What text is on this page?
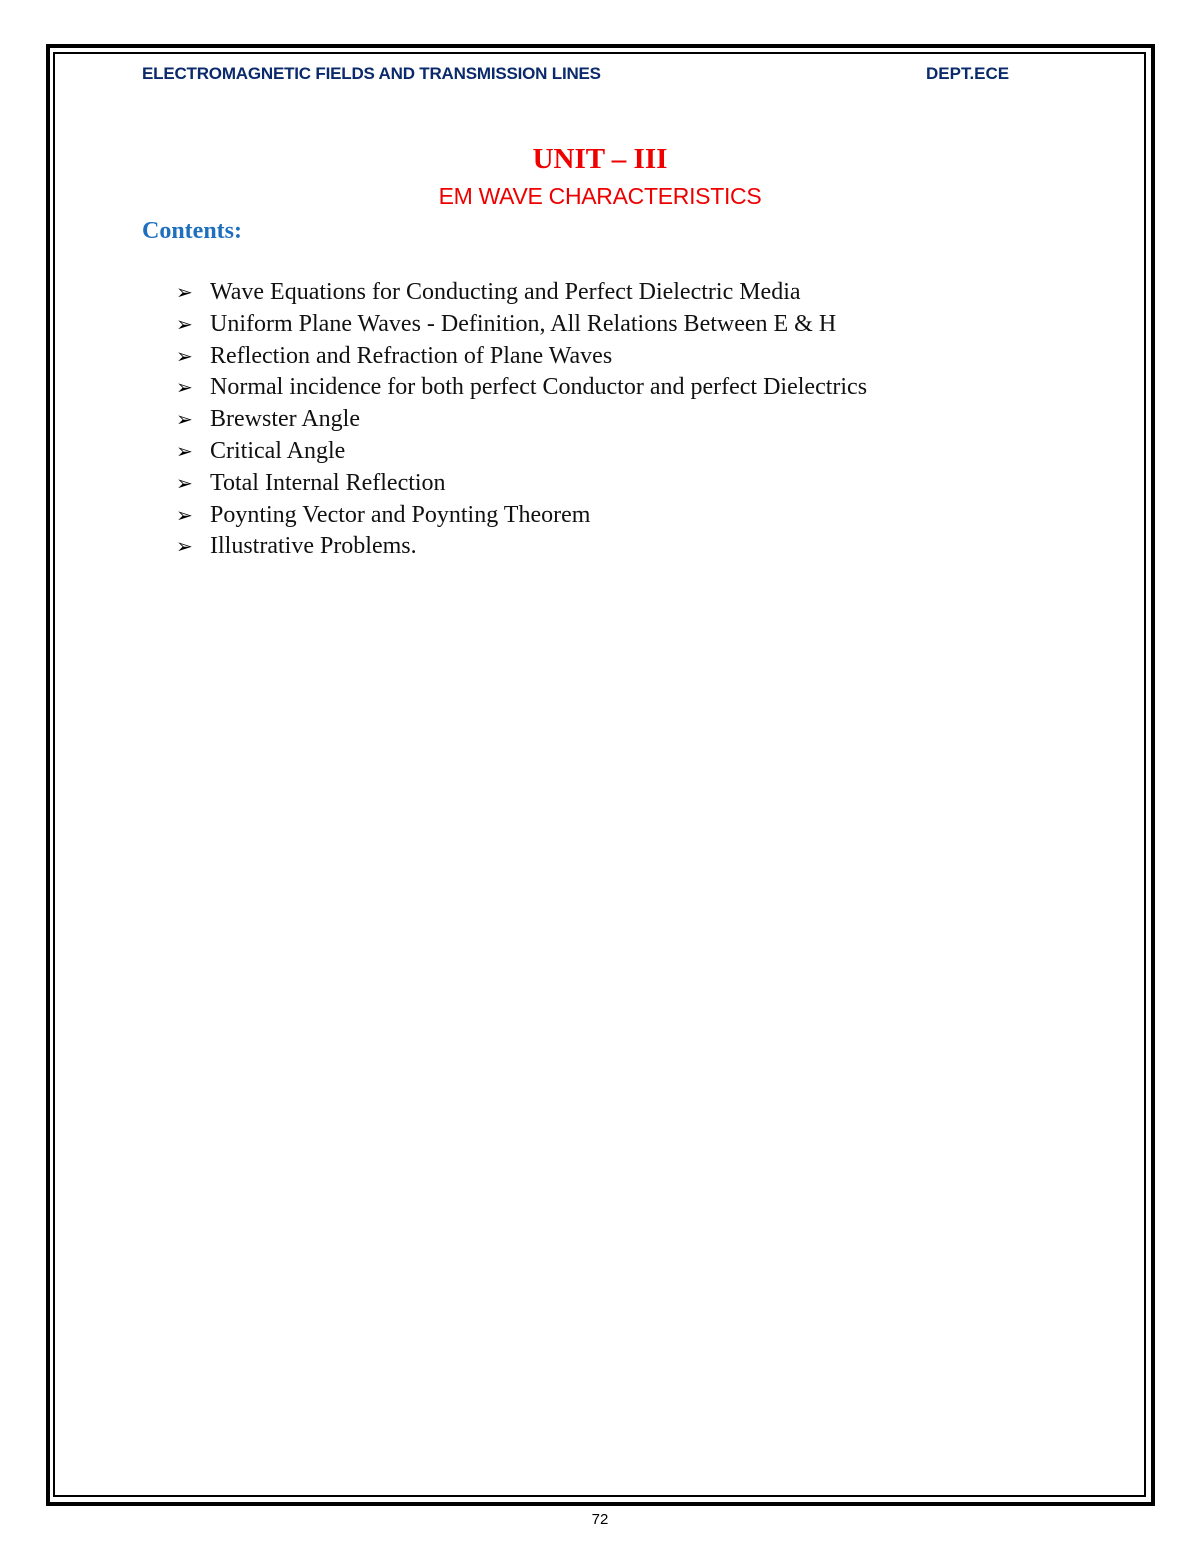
ELECTROMAGNETIC FIELDS AND TRANSMISSION LINES	DEPT.ECE
UNIT – III
EM WAVE CHARACTERISTICS
Contents:
➢ Wave Equations for Conducting and Perfect Dielectric Media
➢ Uniform Plane Waves - Definition, All Relations Between E & H
➢ Reflection and Refraction of Plane Waves
➢ Normal incidence for both perfect Conductor and perfect Dielectrics
➢ Brewster Angle
➢ Critical Angle
➢ Total Internal Reflection
➢ Poynting Vector and Poynting Theorem
➢ Illustrative Problems.
72
